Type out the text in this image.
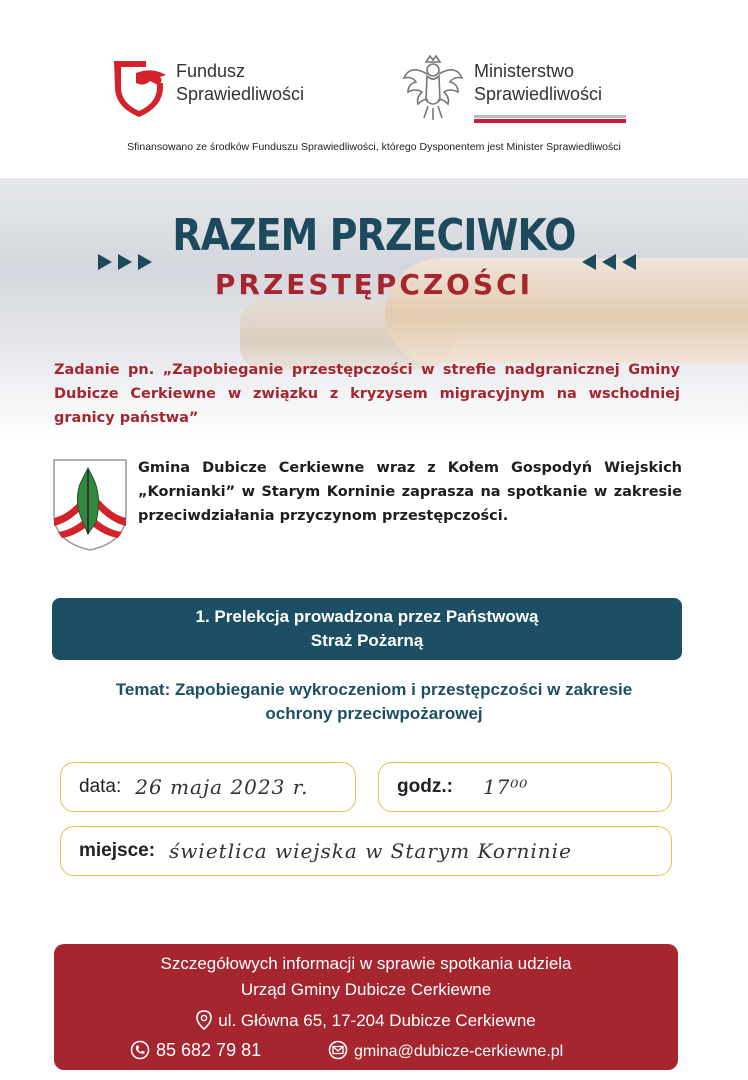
Fundusz
Sprawiedliwości
Ministerstwo
Sprawiedliwości
Sfinansowano ze środków Funduszu Sprawiedliwości, którego Dysponentem jest Minister Sprawiedliwości
RAZEM PRZECIWKO
PRZESTĘPCZOŚCI
Zadanie pn. „Zapobieganie przestępczości w strefie nadgranicznej Gminy Dubicze Cerkiewne w związku z kryzysem migracyjnym na wschodniej granicy państwa”
Gmina Dubicze Cerkiewne wraz z Kołem Gospodyń Wiejskich „Kornianki” w Starym Korninie zaprasza na spotkanie w zakresie przeciwdziałania przyczynom przestępczości.
1. Prelekcja prowadzona przez Państwową
Straż Pożarną
Temat: Zapobieganie wykroczeniom i przestępczości w zakresie
ochrony przeciwpożarowej
data: 26 maja 2023 r.	godz.:	17⁰⁰
miejsce: świetlica wiejska w Starym Korninie
Szczegółowych informacji w sprawie spotkania udziela
Urząd Gminy Dubicze Cerkiewne
ul. Główna 65, 17-204 Dubicze Cerkiewne
85 682 79 81	gmina@dubicze-cerkiewne.pl
